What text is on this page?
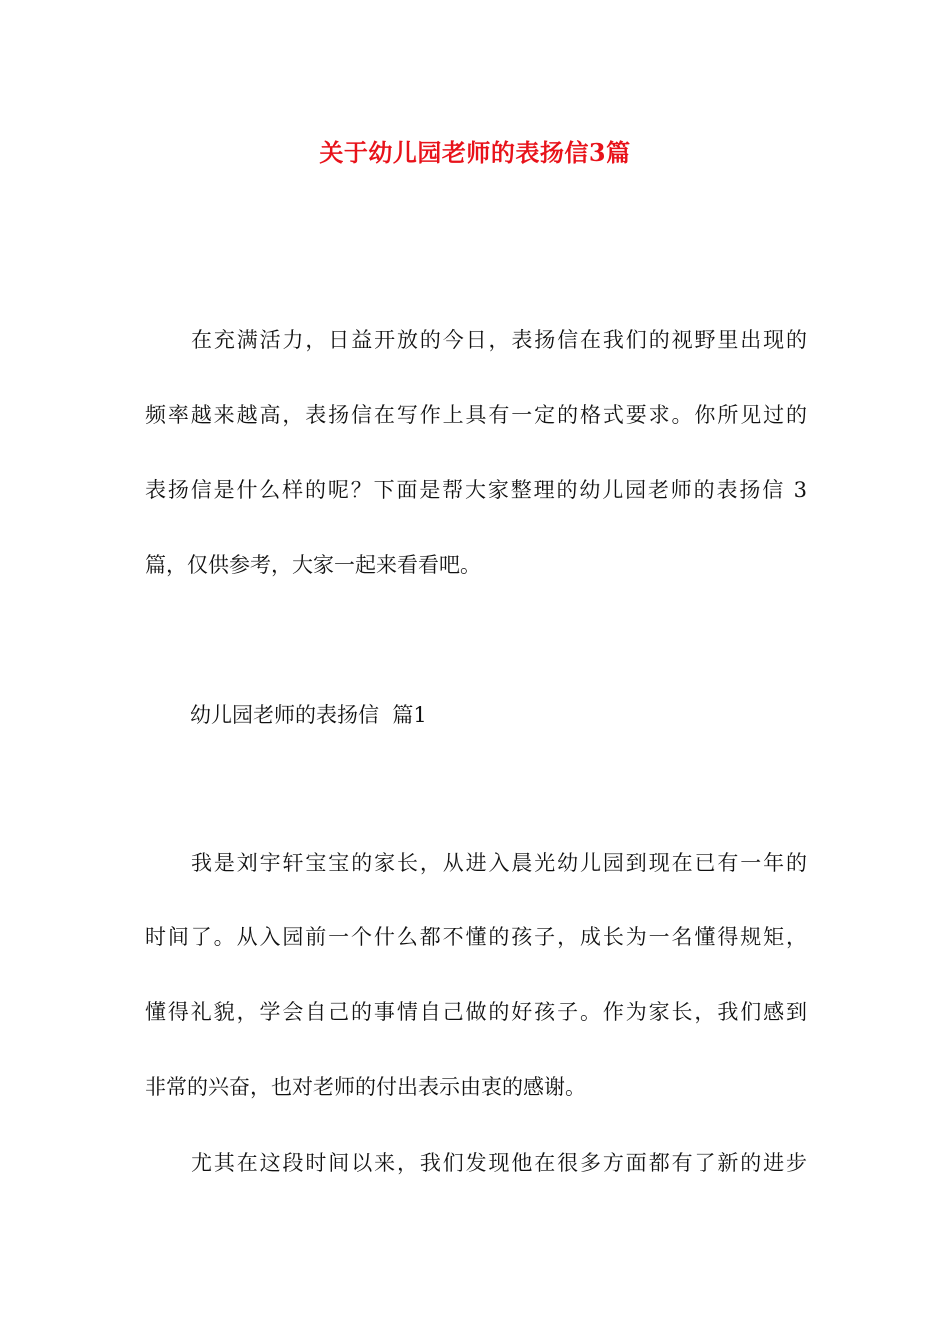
关于幼儿园老师的表扬信3篇
在充满活力，日益开放的今日，表扬信在我们的视野里出现的
频率越来越高，表扬信在写作上具有一定的格式要求。你所见过的
表扬信是什么样的呢？下面是帮大家整理的幼儿园老师的表扬信 3
篇，仅供参考，大家一起来看看吧。
幼儿园老师的表扬信  篇1
我是刘宇轩宝宝的家长，从进入晨光幼儿园到现在已有一年的
时间了。从入园前一个什么都不懂的孩子，成长为一名懂得规矩，
懂得礼貌，学会自己的事情自己做的好孩子。作为家长，我们感到
非常的兴奋，也对老师的付出表示由衷的感谢。
尤其在这段时间以来，我们发现他在很多方面都有了新的进步
